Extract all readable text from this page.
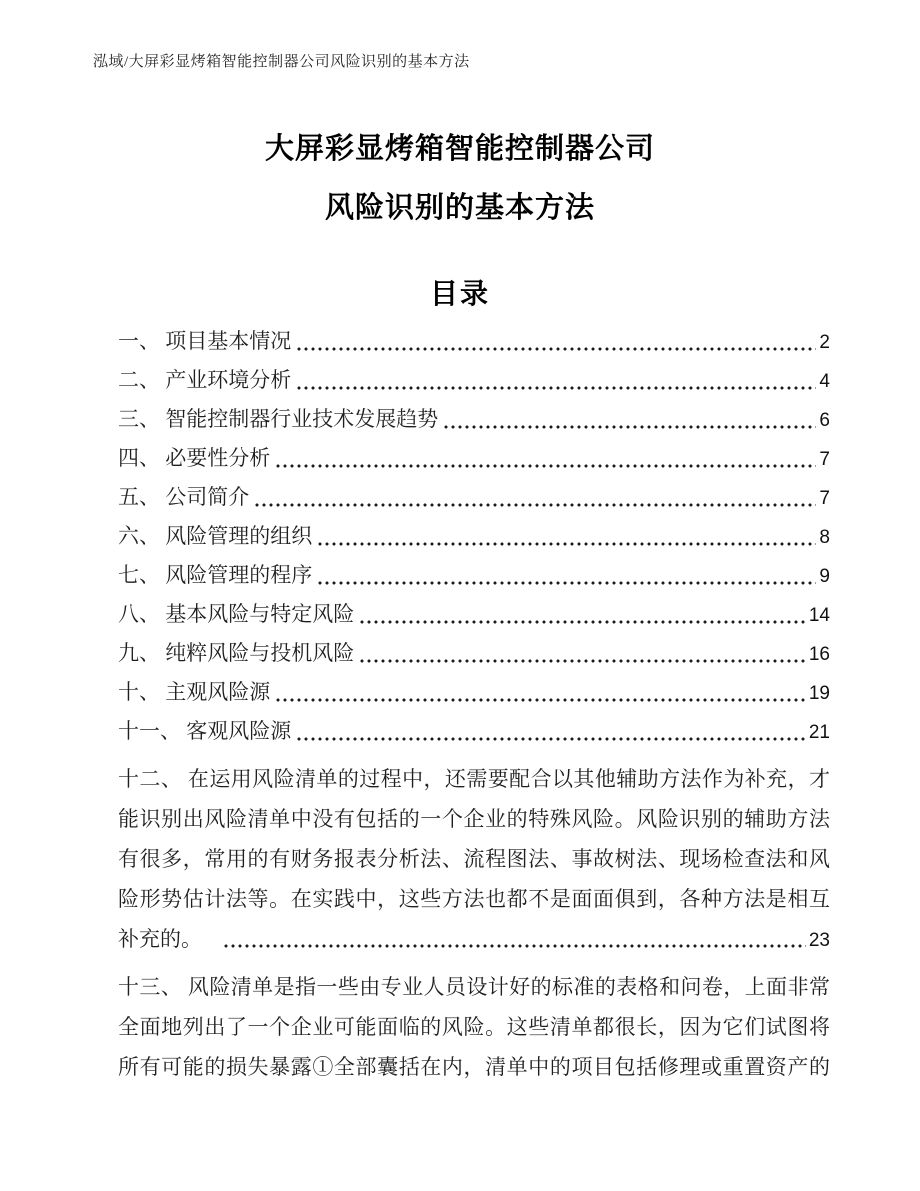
泓域/大屏彩显烤箱智能控制器公司风险识别的基本方法
大屏彩显烤箱智能控制器公司
风险识别的基本方法
目录
一、 项目基本情况	2
二、 产业环境分析	4
三、 智能控制器行业技术发展趋势	6
四、 必要性分析	7
五、 公司简介	7
六、 风险管理的组织	8
七、 风险管理的程序	9
八、 基本风险与特定风险	14
九、 纯粹风险与投机风险	16
十、 主观风险源	19
十一、 客观风险源	21
十二、 在运用风险清单的过程中，还需要配合以其他辅助方法作为补充，才
能识别出风险清单中没有包括的一个企业的特殊风险。风险识别的辅助方法
有很多，常用的有财务报表分析法、流程图法、事故树法、现场检查法和风
险形势估计法等。在实践中，这些方法也都不是面面俱到，各种方法是相互
补充的。	23
十三、 风险清单是指一些由专业人员设计好的标准的表格和问卷，上面非常
全面地列出了一个企业可能面临的风险。这些清单都很长，因为它们试图将
所有可能的损失暴露①全部囊括在内，清单中的项目包括修理或重置资产的
